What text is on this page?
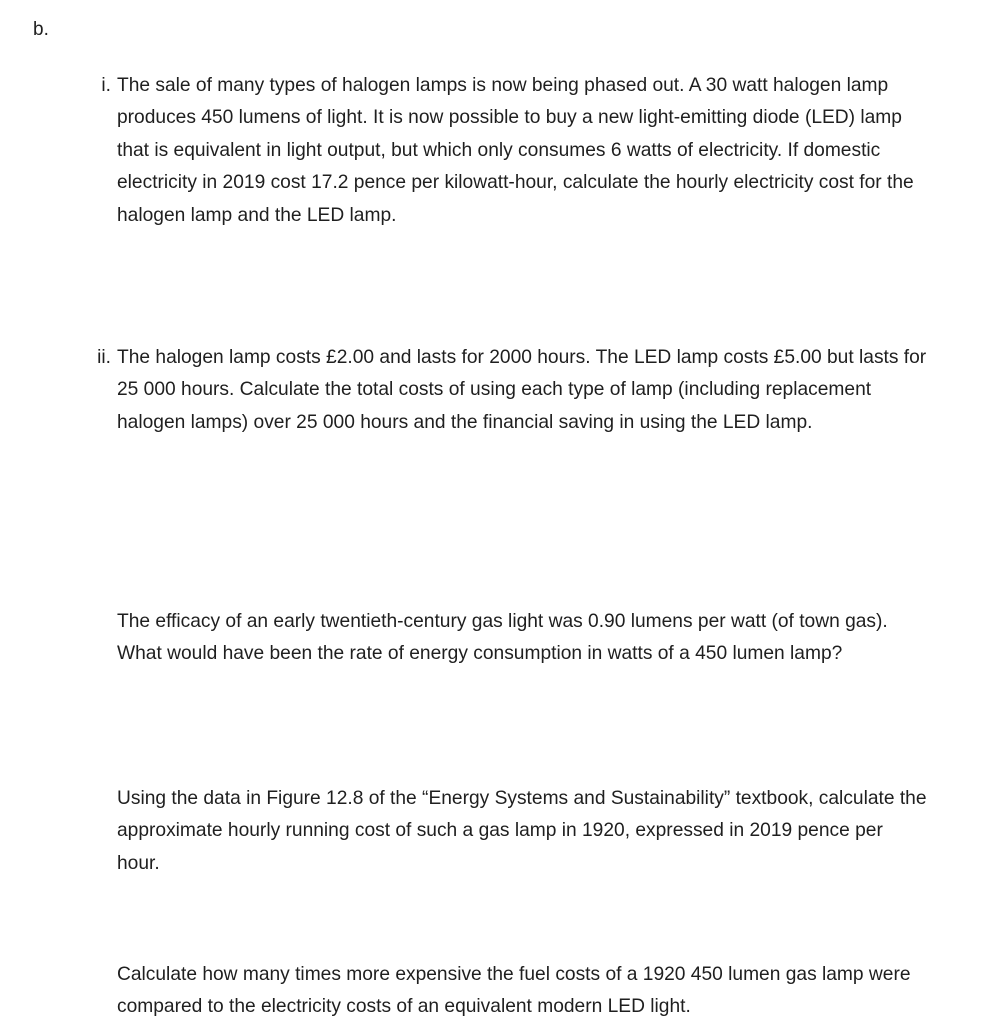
b.

i. The sale of many types of halogen lamps is now being phased out. A 30 watt halogen lamp produces 450 lumens of light. It is now possible to buy a new light-emitting diode (LED) lamp that is equivalent in light output, but which only consumes 6 watts of electricity. If domestic electricity in 2019 cost 17.2 pence per kilowatt-hour, calculate the hourly electricity cost for the halogen lamp and the LED lamp.
ii. The halogen lamp costs £2.00 and lasts for 2000 hours. The LED lamp costs £5.00 but lasts for 25 000 hours. Calculate the total costs of using each type of lamp (including replacement halogen lamps) over 25 000 hours and the financial saving in using the LED lamp.
The efficacy of an early twentieth-century gas light was 0.90 lumens per watt (of town gas). What would have been the rate of energy consumption in watts of a 450 lumen lamp?
Using the data in Figure 12.8 of the “Energy Systems and Sustainability” textbook, calculate the approximate hourly running cost of such a gas lamp in 1920, expressed in 2019 pence per hour.
Calculate how many times more expensive the fuel costs of a 1920 450 lumen gas lamp were compared to the electricity costs of an equivalent modern LED light.
